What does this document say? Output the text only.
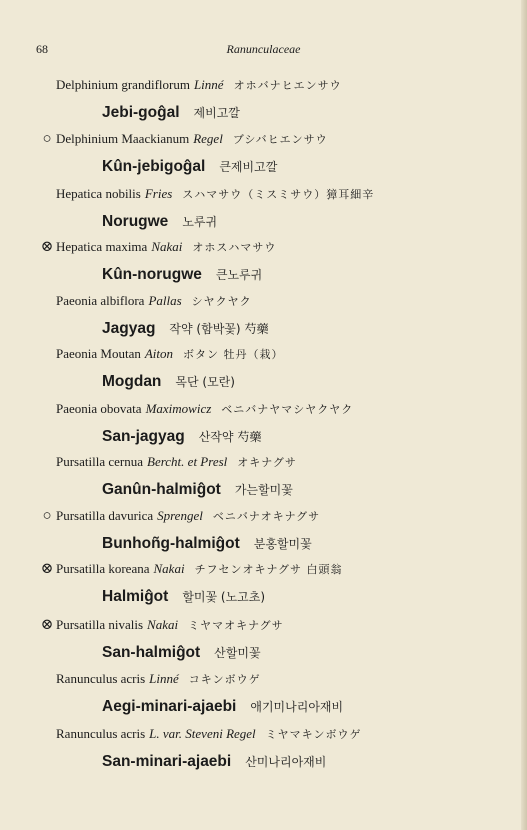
68	Ranunculaceae
Delphinium grandiflorum Linné オホバナヒエンサウ
Jebi-goĝal 제비고깔
○ Delphinium Maackianum Regel ブシバヒエンサウ
Kûn-jebigoĝal 큰제비고깔
Hepatica nobilis Fries スハマサウ（ミスミサウ）獐耳細辛
Norugwe 노루귀
⊗ Hepatica maxima Nakai オホスハマサウ
Kûn-norugwe 큰노루귀
Paeonia albiflora Pallas シヤクヤク
Jagyag 작약 (함박꽃) 芍藥
Paeonia Moutan Aiton ボタン 牡丹（栽）
Mogdan 목단 (모란)
Paeonia obovata Maximowicz ベニバナヤマシヤクヤク
San-jagyag 산작약 芍藥
Pursatilla cernua Bercht. et Presl オキナグサ
Ganûn-halmiĝot 가는할미꽃
○ Pursatilla davurica Sprengel ベニバナオキナグサ
Bunhoñg-halmiĝot 분홍할미꽃
⊗ Pursatilla koreana Nakai チフセンオキナグサ 白頭翁
Halmiĝot 할미꽃 (노고초)
⊗ Pursatilla nivalis Nakai ミヤマオキナグサ
San-halmiĝot 산할미꽃
Ranunculus acris Linné コキンボウゲ
Aegi-minari-ajaebi 애기미나리아재비
Ranunculus acris L. var. Steveni Regel ミヤマキンボウゲ
San-minari-ajaebi 산미나리아재비
